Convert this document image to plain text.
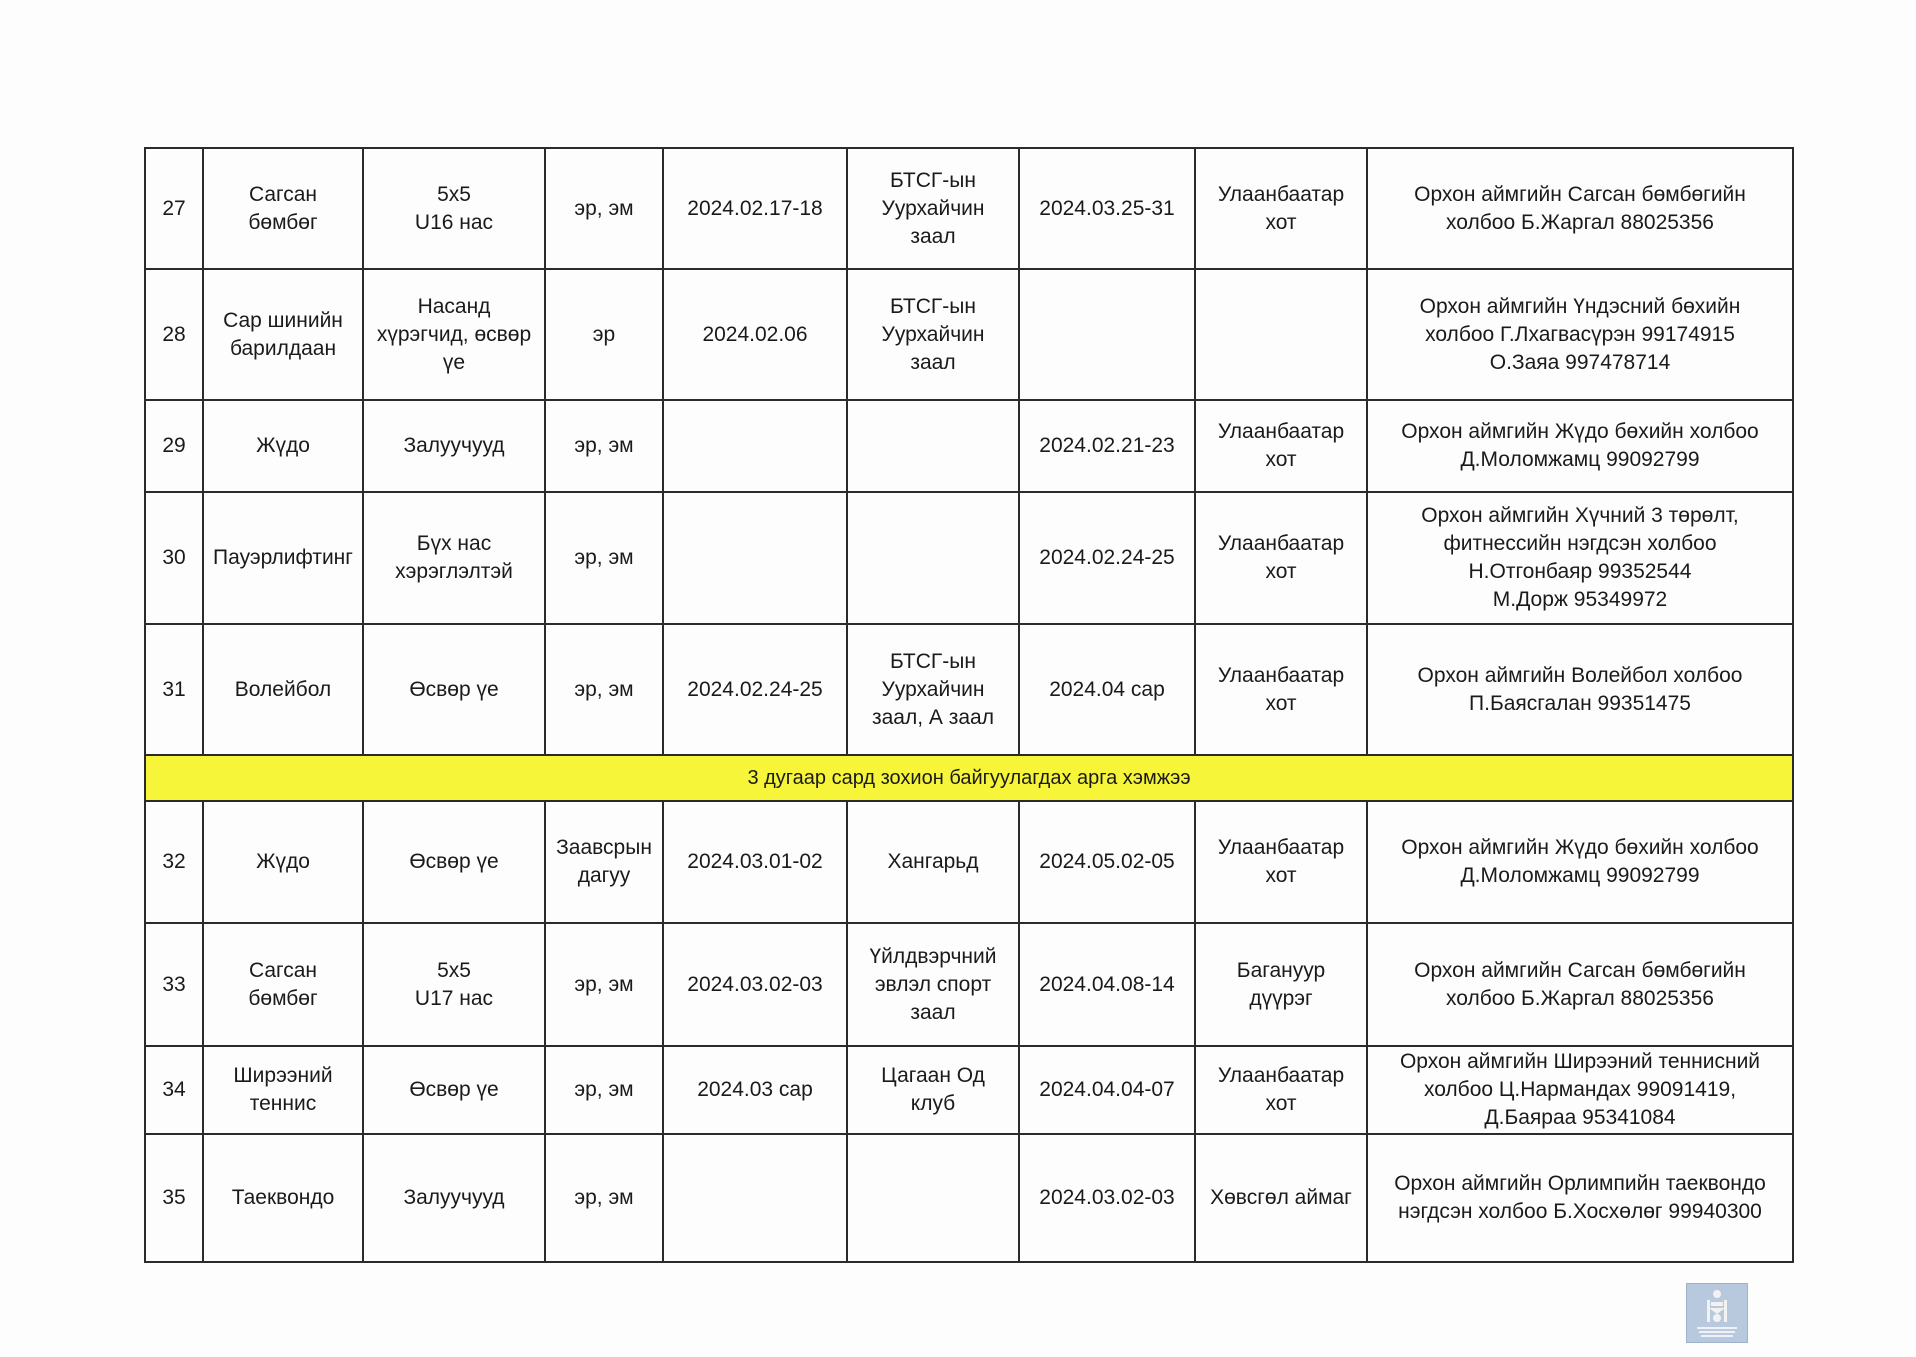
27	Сагсан
бөмбөг	5х5
U16 нас	эр, эм	2024.02.17-18	БТСГ-ын
Уурхайчин
заал	2024.03.25-31	Улаанбаатар
хот	Орхон аймгийн Сагсан бөмбөгийн
холбоо Б.Жаргал 88025356
28	Сар шинийн
барилдаан	Насанд
хүрэгчид, өсвөр
үе	эр	2024.02.06	БТСГ-ын
Уурхайчин
заал			Орхон аймгийн Үндэсний бөхийн
холбоо Г.Лхагвасүрэн 99174915
О.Заяа 997478714
29	Жүдо	Залуучууд	эр, эм			2024.02.21-23	Улаанбаатар
хот	Орхон аймгийн Жүдо бөхийн холбоо
Д.Моломжамц 99092799
30	Пауэрлифтинг	Бүх нас
хэрэглэлтэй	эр, эм			2024.02.24-25	Улаанбаатар
хот	Орхон аймгийн Хүчний 3 төрөлт,
фитнессийн нэгдсэн холбоо
Н.Отгонбаяр 99352544
М.Дорж 95349972
31	Волейбол	Өсвөр үе	эр, эм	2024.02.24-25	БТСГ-ын
Уурхайчин
заал, А заал	2024.04 сар	Улаанбаатар
хот	Орхон аймгийн Волейбол холбоо
П.Баясгалан 99351475
3 дугаар сард зохион байгуулагдах арга хэмжээ								
32	Жүдо	Өсвөр үе	Заавсрын
дагуу	2024.03.01-02	Хангарьд	2024.05.02-05	Улаанбаатар
хот	Орхон аймгийн Жүдо бөхийн холбоо
Д.Моломжамц 99092799
33	Сагсан
бөмбөг	5х5
U17 нас	эр, эм	2024.03.02-03	Үйлдвэрчний
эвлэл спорт
заал	2024.04.08-14	Багануур
дүүрэг	Орхон аймгийн Сагсан бөмбөгийн
холбоо Б.Жаргал 88025356
34	Ширээний
теннис	Өсвөр үе	эр, эм	2024.03 сар	Цагаан Од
клуб	2024.04.04-07	Улаанбаатар
хот	Орхон аймгийн Ширээний теннисний
холбоо Ц.Нармандах 99091419,
Д.Баяраа 95341084
35	Таеквондо	Залуучууд	эр, эм			2024.03.02-03	Хөвсгөл аймаг	Орхон аймгийн Орлимпийн таеквондо
нэгдсэн холбоо Б.Хосхөлөг 99940300
